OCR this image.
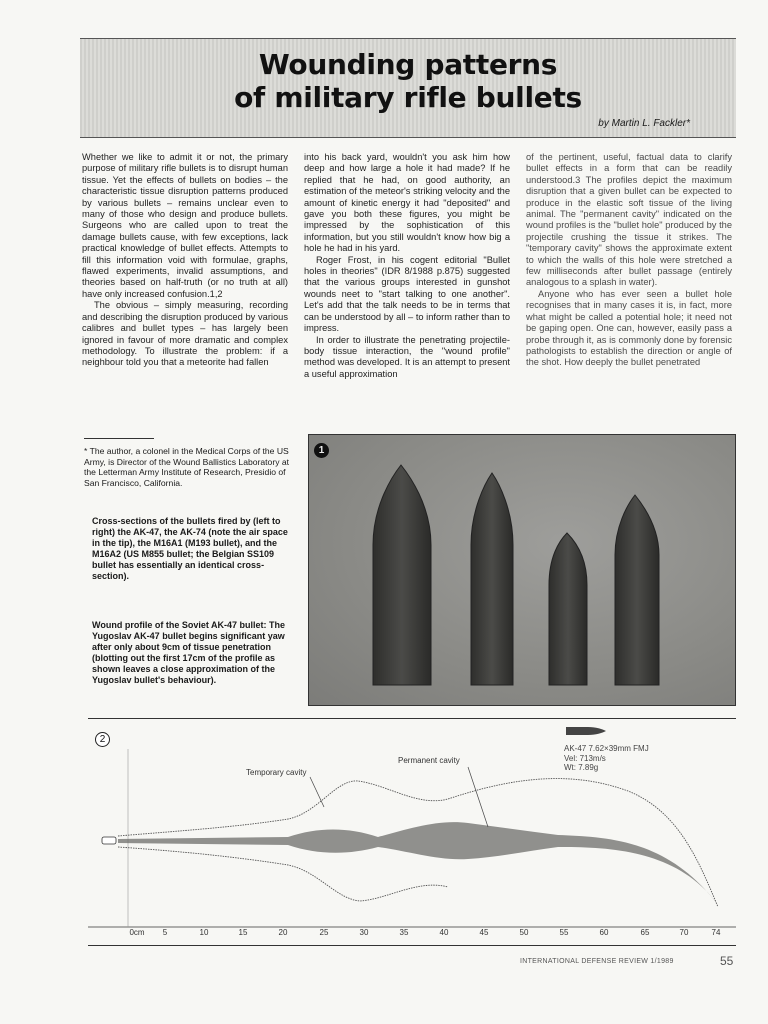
Wounding patterns
of military rifle bullets
by Martin L. Fackler*

Whether we like to admit it or not, the primary purpose of military rifle bullets is to disrupt human tissue. Yet the effects of bullets on bodies – the characteristic tissue disruption patterns produced by various bullets – remains unclear even to many of those who design and produce bullets. Surgeons who are called upon to treat the damage bullets cause, with few exceptions, lack practical knowledge of bullet effects. Attempts to fill this information void with formulae, graphs, flawed experiments, invalid assumptions, and theories based on half-truth (or no truth at all) have only increased confusion.1,2

The obvious – simply measuring, recording and describing the disruption produced by various calibres and bullet types – has largely been ignored in favour of more dramatic and complex methodology. To illustrate the problem: if a neighbour told you that a meteorite had fallen

into his back yard, wouldn't you ask him how deep and how large a hole it had made? If he replied that he had, on good authority, an estimation of the meteor's striking velocity and the amount of kinetic energy it had "deposited" and gave you both these figures, you might be impressed by the sophistication of this information, but you still wouldn't know how big a hole he had in his yard.

Roger Frost, in his cogent editorial "Bullet holes in theories" (IDR 8/1988 p.875) suggested that the various groups interested in gunshot wounds neet to "start talking to one another". Let's add that the talk needs to be in terms that can be understood by all – to inform rather than to impress.

In order to illustrate the penetrating projectile-body tissue interaction, the "wound profile" method was developed. It is an attempt to present a useful approximation

of the pertinent, useful, factual data to clarify bullet effects in a form that can be readily understood.3 The profiles depict the maximum disruption that a given bullet can be expected to produce in the elastic soft tissue of the living animal. The "permanent cavity" indicated on the wound profiles is the "bullet hole" produced by the projectile crushing the tissue it strikes. The "temporary cavity" shows the approximate extent to which the walls of this hole were stretched a few milliseconds after bullet passage (entirely analogous to a splash in water).

Anyone who has ever seen a bullet hole recognises that in many cases it is, in fact, more what might be called a potential hole; it need not be gaping open. One can, however, easily pass a probe through it, as is commonly done by forensic pathologists to establish the direction or angle of the shot. How deeply the bullet penetrated

* The author, a colonel in the Medical Corps of the US Army, is Director of the Wound Ballistics Laboratory at the Letterman Army Institute of Research, Presidio of San Francisco, California.
Cross-sections of the bullets fired by (left to right) the AK-47, the AK-74 (note the air space in the tip), the M16A1 (M193 bullet), and the M16A2 (US M855 bullet; the Belgian SS109 bullet has essentially an identical cross-section).
Wound profile of the Soviet AK-47 bullet: The Yugoslav AK-47 bullet begins significant yaw after only about 9cm of tissue penetration (blotting out the first 17cm of the profile as shown leaves a close approximation of the Yugoslav bullet's behaviour).
1
2
AK-47 7.62×39mm FMJ
Vel: 713m/s
Wt: 7.89g
Temporary cavity
Permanent cavity
0cm 5	10	15	20	25	30	35	40	45	50	55	60	65	70	74
INTERNATIONAL DEFENSE REVIEW 1/1989	55
